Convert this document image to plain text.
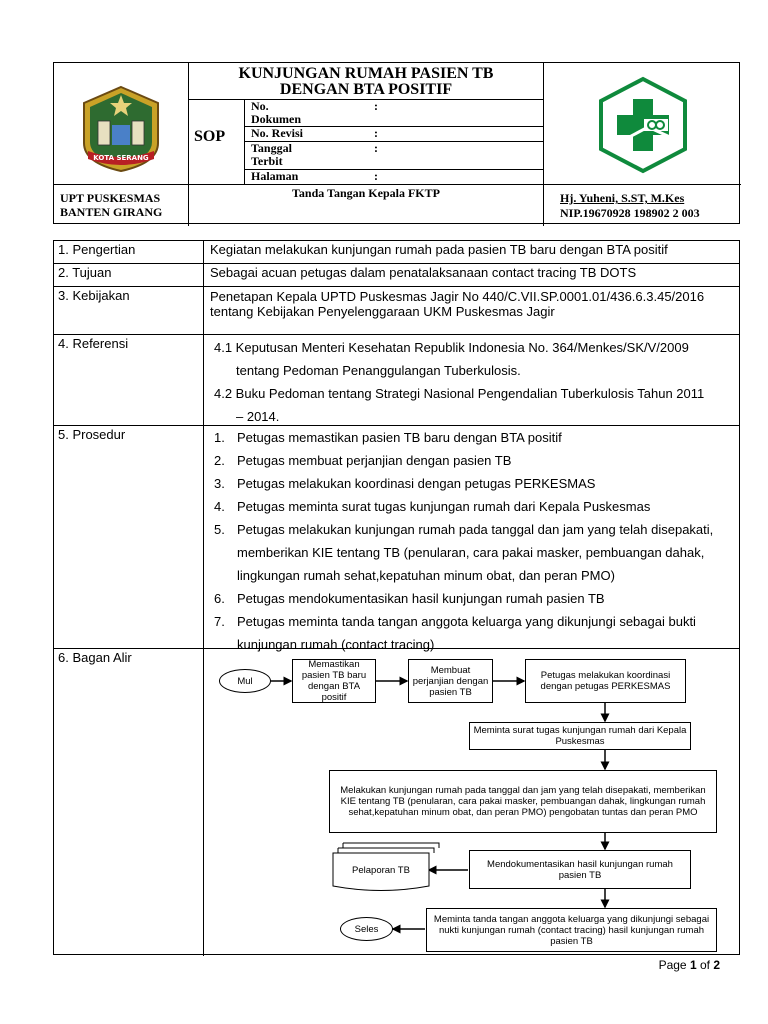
KOTA SERANG
KUNJUNGAN RUMAH PASIEN TB
DENGAN BTA POSITIF
SOP
No. Dokumen
:
No. Revisi	:
Tanggal Terbit
:
Halaman	:
UPT PUSKESMAS
BANTEN GIRANG
Tanda Tangan Kepala FKTP	Hj. Yuheni, S.ST, M.Kes
NIP.19670928 198902 2 003
1. Pengertian	Kegiatan melakukan kunjungan rumah pada pasien TB baru dengan BTA positif
2. Tujuan	Sebagai acuan petugas dalam penatalaksanaan contact tracing TB DOTS
3. Kebijakan	Penetapan Kepala UPTD Puskesmas Jagir No 440/C.VII.SP.0001.01/436.6.3.45/2016 tentang Kebijakan Penyelenggaraan UKM Puskesmas Jagir
4. Referensi	4.1 Keputusan Menteri Kesehatan Republik Indonesia No. 364/Menkes/SK/V/2009
tentang Pedoman Penanggulangan Tuberkulosis.

4.2 Buku Pedoman tentang Strategi Nasional Pengendalian Tuberkulosis Tahun 2011
– 2014.

5. Prosedur	1. Petugas memastikan pasien TB baru dengan BTA positif
2. Petugas membuat perjanjian dengan pasien TB
3. Petugas melakukan koordinasi dengan petugas PERKESMAS
4. Petugas meminta surat tugas kunjungan rumah dari Kepala Puskesmas
5. Petugas melakukan kunjungan rumah pada tanggal dan jam yang telah disepakati,
memberikan KIE tentang TB (penularan, cara pakai masker, pembuangan dahak,
lingkungan rumah sehat,kepatuhan minum obat, dan peran PMO)
6. Petugas mendokumentasikan hasil kunjungan rumah pasien TB
7. Petugas meminta tanda tangan anggota keluarga yang dikunjungi sebagai bukti
kunjungan rumah (contact tracing)
6. Bagan Alir
Mul
Memastikan pasien TB baru dengan BTA positif
Membuat perjanjian dengan pasien TB
Petugas melakukan koordinasi dengan petugas PERKESMAS
Meminta surat tugas kunjungan rumah dari Kepala Puskesmas
Melakukan kunjungan rumah pada tanggal dan jam yang telah disepakati, memberikan KIE tentang TB (penularan, cara pakai masker, pembuangan dahak, lingkungan rumah sehat,kepatuhan minum obat, dan peran PMO) pengobatan tuntas dan peran PMO
Mendokumentasikan hasil kunjungan rumah pasien TB
Pelaporan TB
Meminta tanda tangan anggota keluarga yang dikunjungi sebagai nukti kunjungan rumah (contact tracing) hasil kunjungan rumah pasien TB
Seles
Page 1 of 2
